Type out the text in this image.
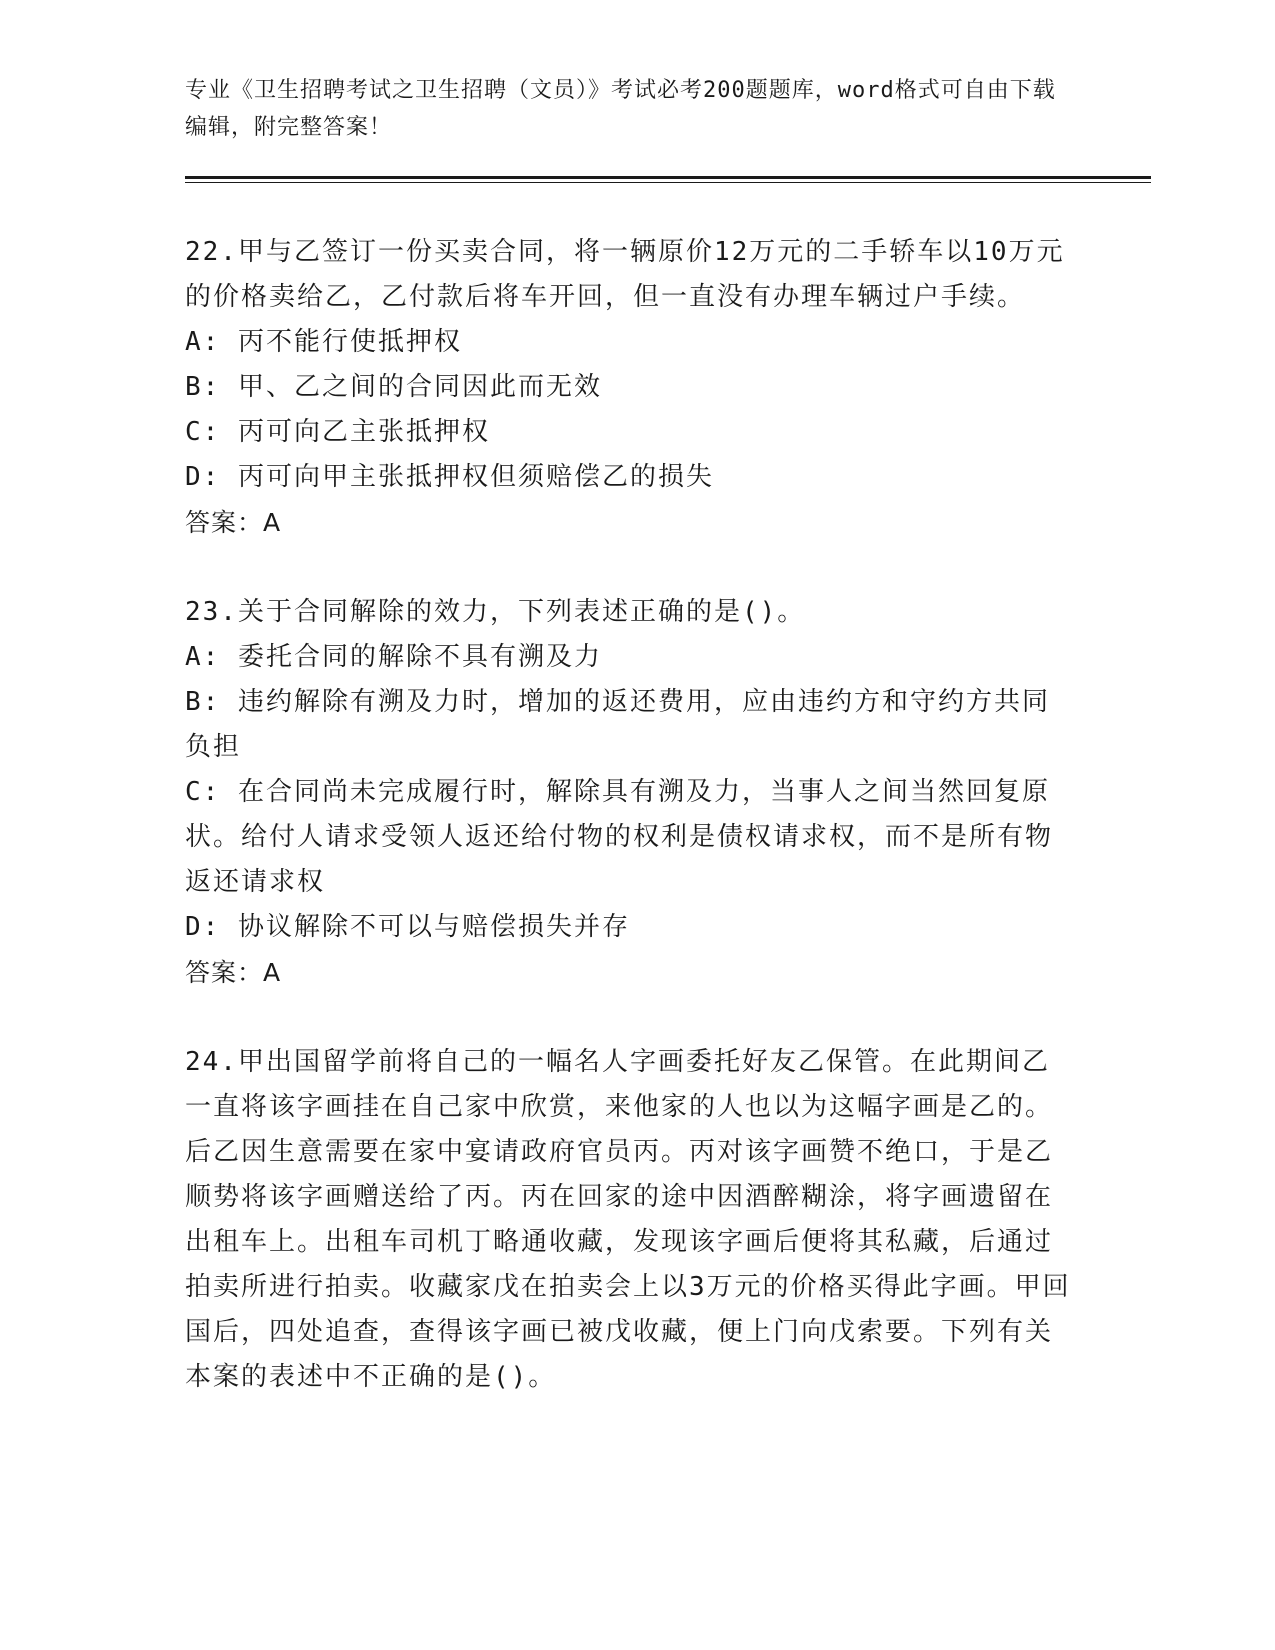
专业《卫生招聘考试之卫生招聘（文员）》考试必考200题题库，word格式可自由下载编辑，附完整答案！

22.甲与乙签订一份买卖合同，将一辆原价12万元的二手轿车以10万元的价格卖给乙，乙付款后将车开回，但一直没有办理车辆过户手续。

A: 丙不能行使抵押权

B: 甲、乙之间的合同因此而无效

C: 丙可向乙主张抵押权

D: 丙可向甲主张抵押权但须赔偿乙的损失

答案：A

23.关于合同解除的效力，下列表述正确的是()。

A: 委托合同的解除不具有溯及力

B: 违约解除有溯及力时，增加的返还费用，应由违约方和守约方共同负担

C: 在合同尚未完成履行时，解除具有溯及力，当事人之间当然回复原状。给付人请求受领人返还给付物的权利是债权请求权，而不是所有物返还请求权

D: 协议解除不可以与赔偿损失并存

答案：A

24.甲出国留学前将自己的一幅名人字画委托好友乙保管。在此期间乙一直将该字画挂在自己家中欣赏，来他家的人也以为这幅字画是乙的。后乙因生意需要在家中宴请政府官员丙。丙对该字画赞不绝口，于是乙顺势将该字画赠送给了丙。丙在回家的途中因酒醉糊涂，将字画遗留在出租车上。出租车司机丁略通收藏，发现该字画后便将其私藏，后通过拍卖所进行拍卖。收藏家戊在拍卖会上以3万元的价格买得此字画。甲回国后，四处追查，查得该字画已被戊收藏，便上门向戊索要。下列有关本案的表述中不正确的是()。
